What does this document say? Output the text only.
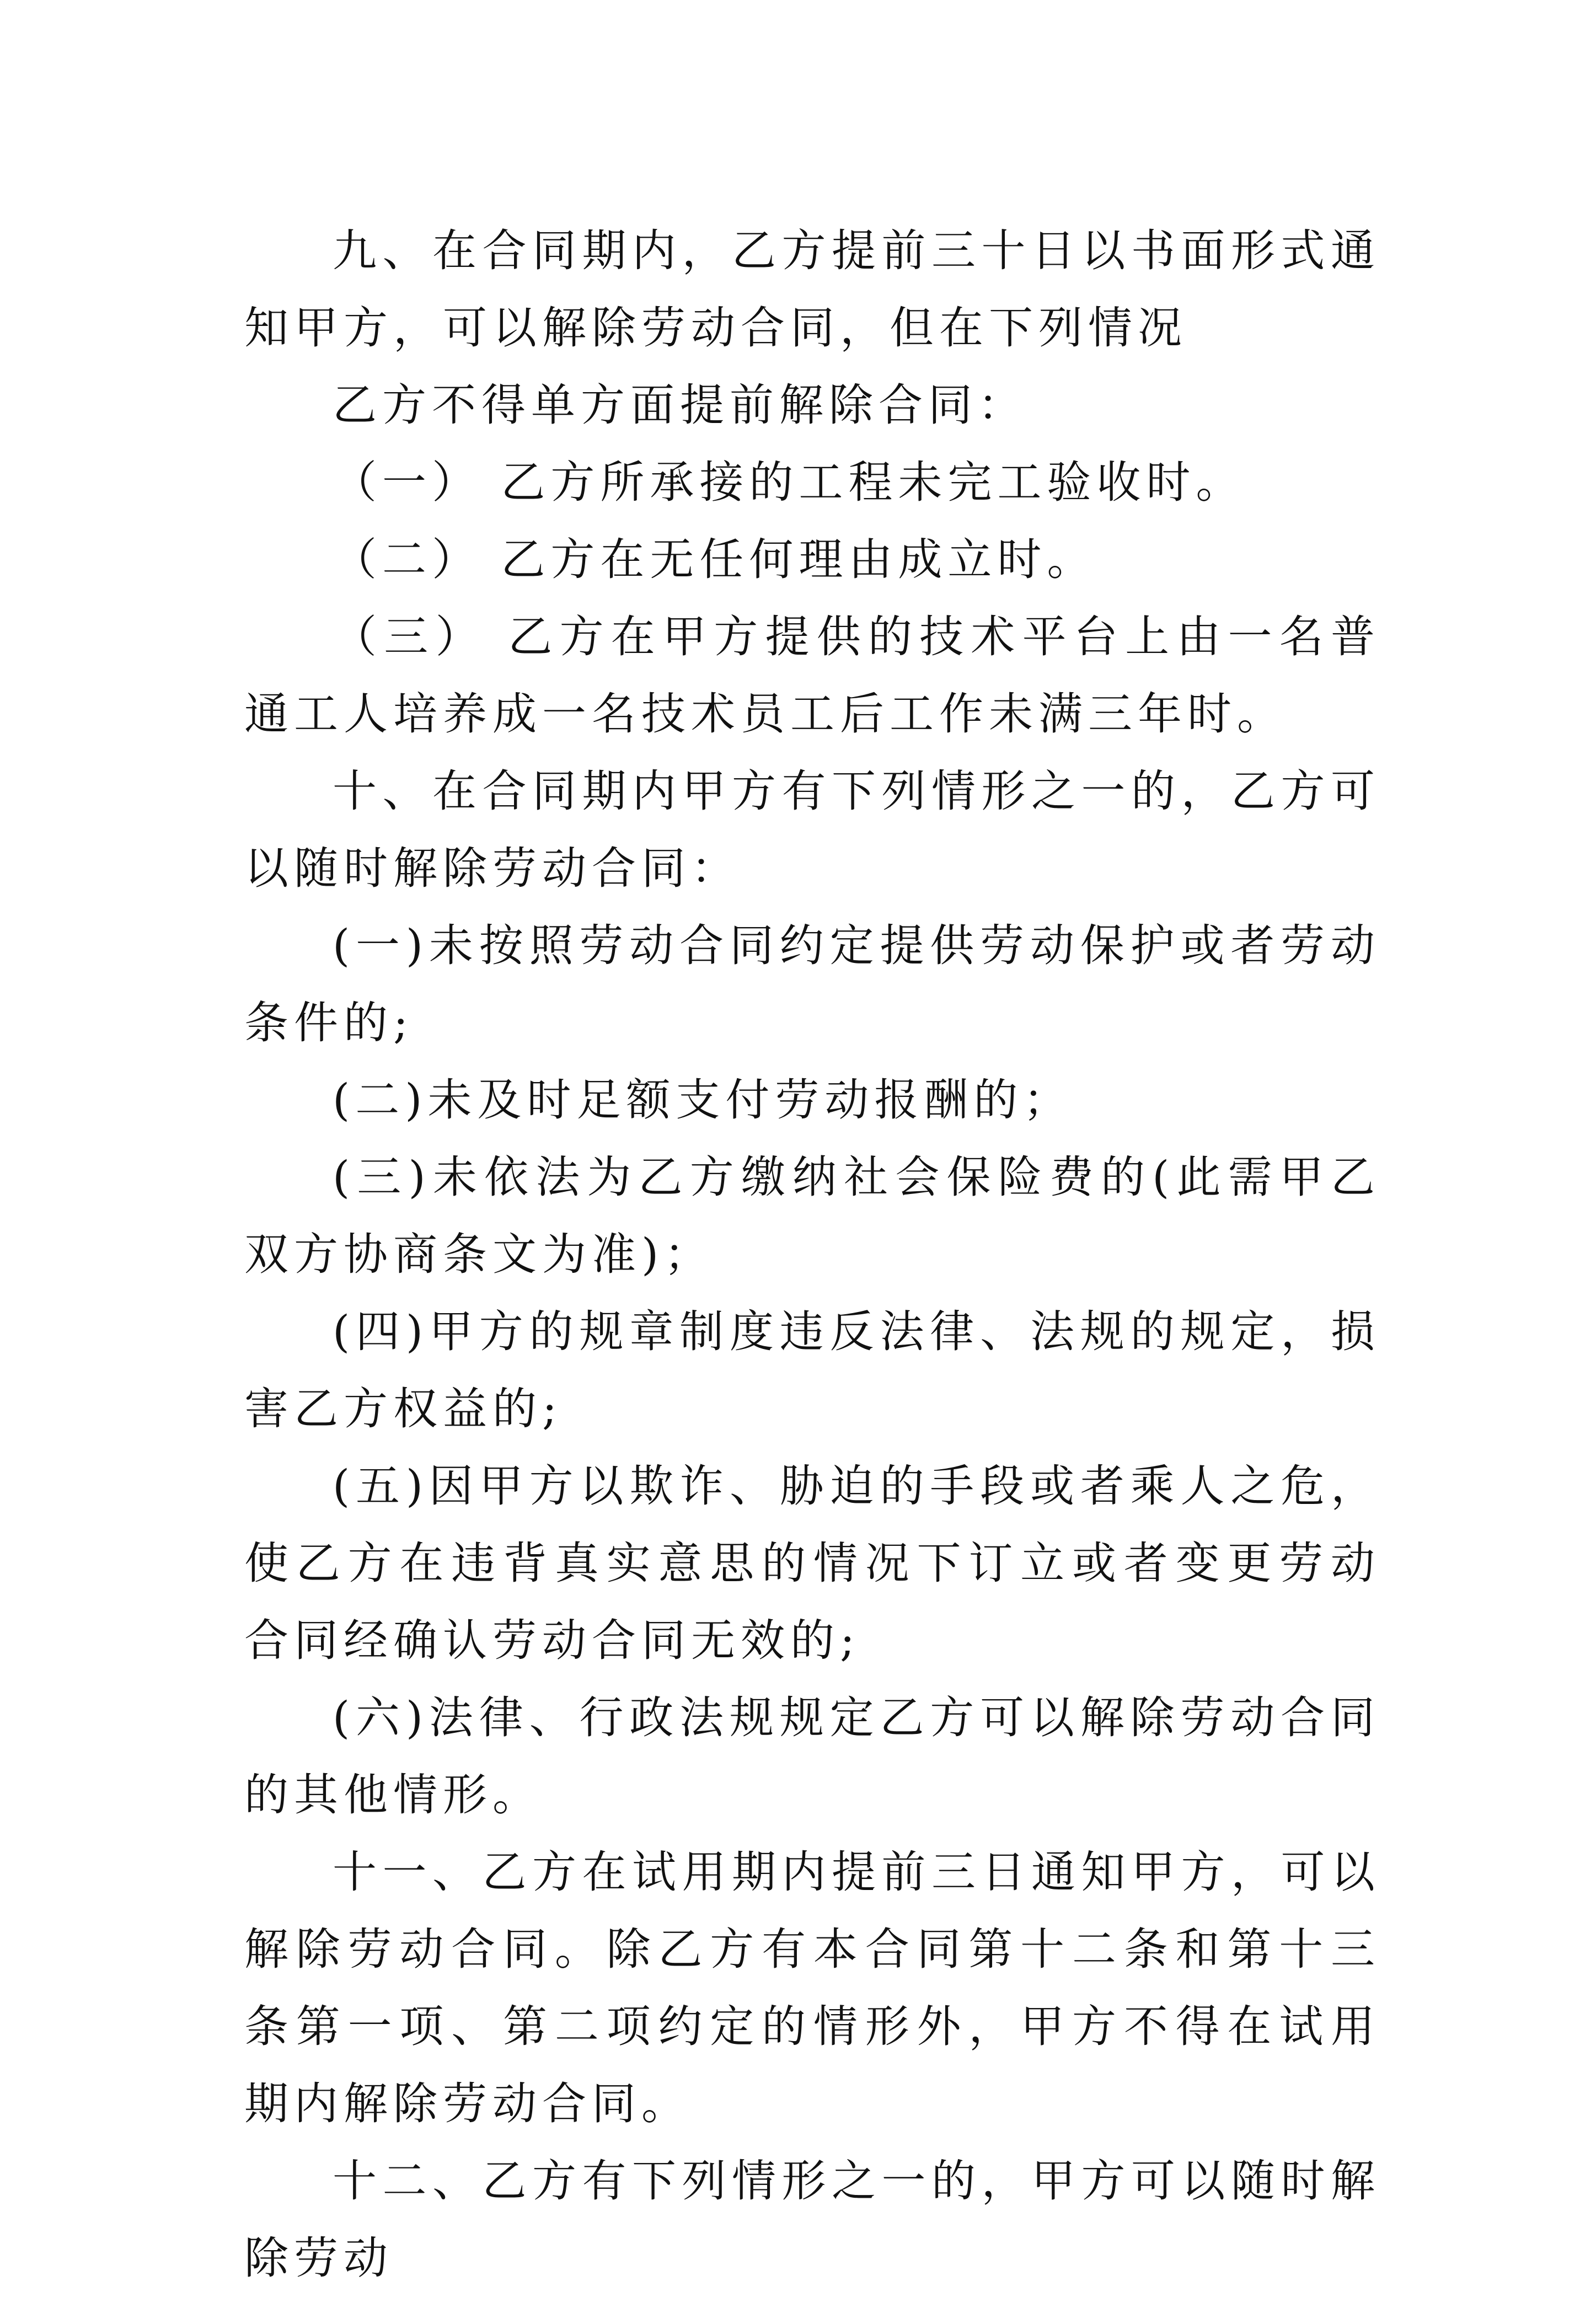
九、在合同期内，乙方提前三十日以书面形式通知甲方，可以解除劳动合同，但在下列情况

乙方不得单方面提前解除合同：

（一） 乙方所承接的工程未完工验收时。

（二） 乙方在无任何理由成立时。

（三） 乙方在甲方提供的技术平台上由一名普通工人培养成一名技术员工后工作未满三年时。

十、在合同期内甲方有下列情形之一的，乙方可以随时解除劳动合同：

(一)未按照劳动合同约定提供劳动保护或者劳动条件的;

(二)未及时足额支付劳动报酬的；

(三)未依法为乙方缴纳社会保险费的(此需甲乙双方协商条文为准)；

(四)甲方的规章制度违反法律、法规的规定，损害乙方权益的;

(五)因甲方以欺诈、胁迫的手段或者乘人之危，使乙方在违背真实意思的情况下订立或者变更劳动合同经确认劳动合同无效的;

(六)法律、行政法规规定乙方可以解除劳动合同的其他情形。

十一、乙方在试用期内提前三日通知甲方，可以解除劳动合同。除乙方有本合同第十二条和第十三条第一项、第二项约定的情形外，甲方不得在试用期内解除劳动合同。

十二、乙方有下列情形之一的，甲方可以随时解除劳动
